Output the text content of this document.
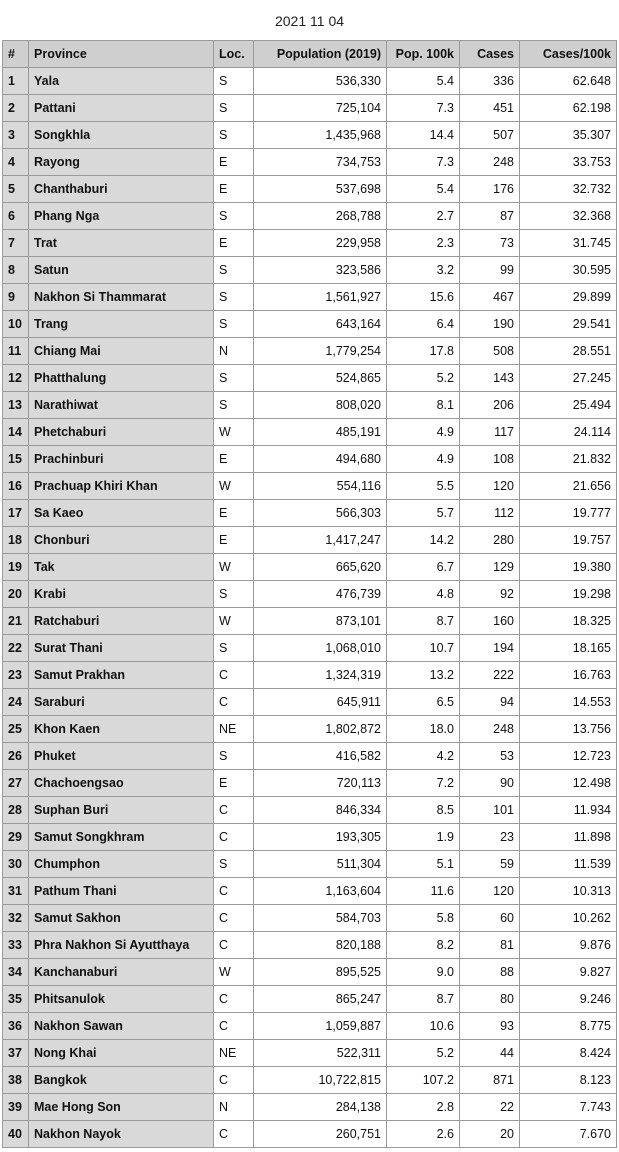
2021 11 04
#	Province	Loc.	Population (2019)	Pop. 100k	Cases	Cases/100k
1	Yala	S	536,330	5.4	336	62.648
2	Pattani	S	725,104	7.3	451	62.198
3	Songkhla	S	1,435,968	14.4	507	35.307
4	Rayong	E	734,753	7.3	248	33.753
5	Chanthaburi	E	537,698	5.4	176	32.732
6	Phang Nga	S	268,788	2.7	87	32.368
7	Trat	E	229,958	2.3	73	31.745
8	Satun	S	323,586	3.2	99	30.595
9	Nakhon Si Thammarat	S	1,561,927	15.6	467	29.899
10	Trang	S	643,164	6.4	190	29.541
11	Chiang Mai	N	1,779,254	17.8	508	28.551
12	Phatthalung	S	524,865	5.2	143	27.245
13	Narathiwat	S	808,020	8.1	206	25.494
14	Phetchaburi	W	485,191	4.9	117	24.114
15	Prachinburi	E	494,680	4.9	108	21.832
16	Prachuap Khiri Khan	W	554,116	5.5	120	21.656
17	Sa Kaeo	E	566,303	5.7	112	19.777
18	Chonburi	E	1,417,247	14.2	280	19.757
19	Tak	W	665,620	6.7	129	19.380
20	Krabi	S	476,739	4.8	92	19.298
21	Ratchaburi	W	873,101	8.7	160	18.325
22	Surat Thani	S	1,068,010	10.7	194	18.165
23	Samut Prakhan	C	1,324,319	13.2	222	16.763
24	Saraburi	C	645,911	6.5	94	14.553
25	Khon Kaen	NE	1,802,872	18.0	248	13.756
26	Phuket	S	416,582	4.2	53	12.723
27	Chachoengsao	E	720,113	7.2	90	12.498
28	Suphan Buri	C	846,334	8.5	101	11.934
29	Samut Songkhram	C	193,305	1.9	23	11.898
30	Chumphon	S	511,304	5.1	59	11.539
31	Pathum Thani	C	1,163,604	11.6	120	10.313
32	Samut Sakhon	C	584,703	5.8	60	10.262
33	Phra Nakhon Si Ayutthaya	C	820,188	8.2	81	9.876
34	Kanchanaburi	W	895,525	9.0	88	9.827
35	Phitsanulok	C	865,247	8.7	80	9.246
36	Nakhon Sawan	C	1,059,887	10.6	93	8.775
37	Nong Khai	NE	522,311	5.2	44	8.424
38	Bangkok	C	10,722,815	107.2	871	8.123
39	Mae Hong Son	N	284,138	2.8	22	7.743
40	Nakhon Nayok	C	260,751	2.6	20	7.670
